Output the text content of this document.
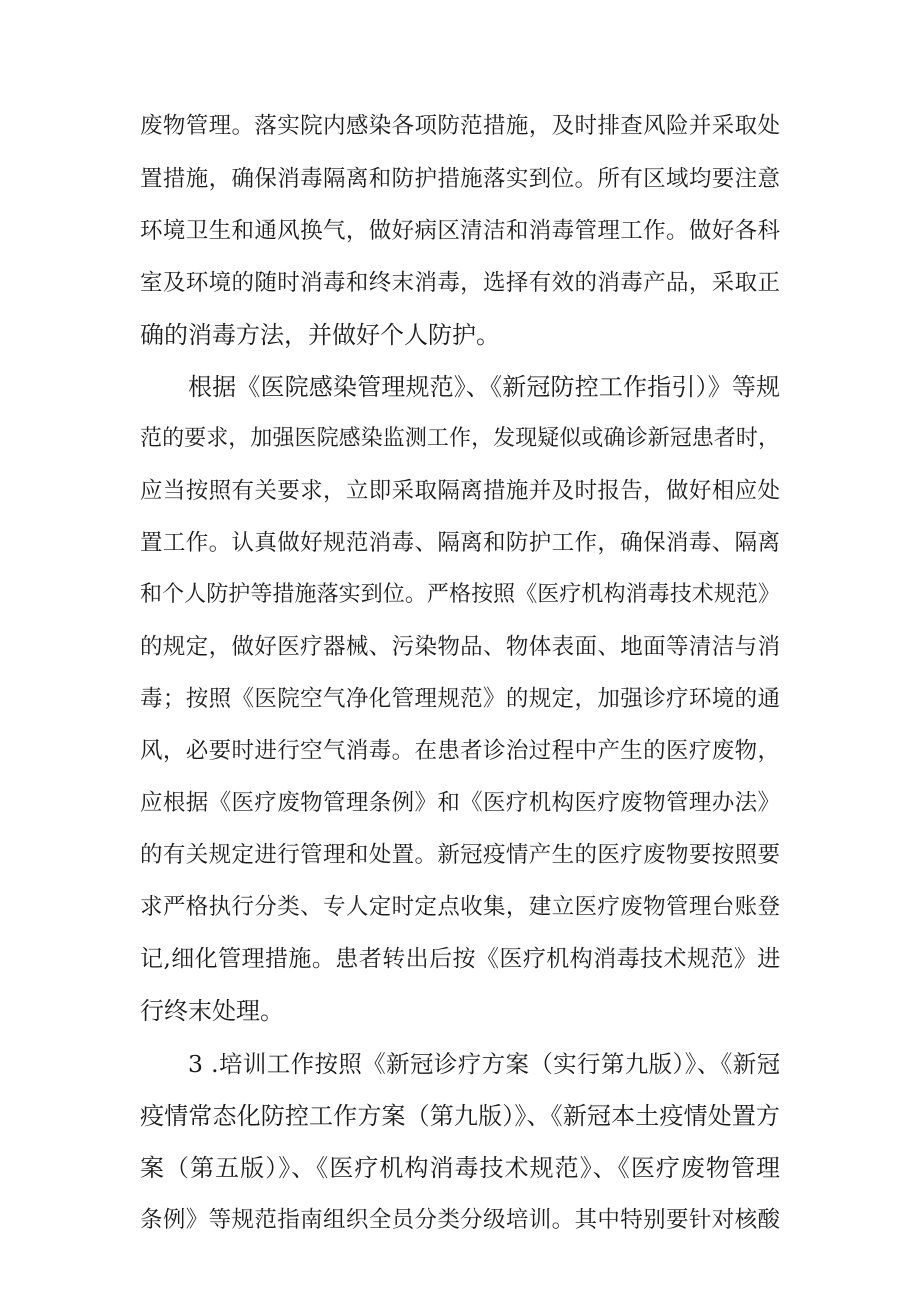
废物管理。落实院内感染各项防范措施，及时排查风险并采取处
置措施，确保消毒隔离和防护措施落实到位。所有区域均要注意
环境卫生和通风换气，做好病区清洁和消毒管理工作。做好各科
室及环境的随时消毒和终末消毒，选择有效的消毒产品，采取正
确的消毒方法，并做好个人防护。
根据《医院感染管理规范》、《新冠防控工作指引）》等规
范的要求，加强医院感染监测工作，发现疑似或确诊新冠患者时，
应当按照有关要求，立即采取隔离措施并及时报告，做好相应处
置工作。认真做好规范消毒、隔离和防护工作，确保消毒、隔离
和个人防护等措施落实到位。严格按照《医疗机构消毒技术规范》
的规定，做好医疗器械、污染物品、物体表面、地面等清洁与消
毒；按照《医院空气净化管理规范》的规定，加强诊疗环境的通
风，必要时进行空气消毒。在患者诊治过程中产生的医疗废物，
应根据《医疗废物管理条例》和《医疗机构医疗废物管理办法》
的有关规定进行管理和处置。新冠疫情产生的医疗废物要按照要
求严格执行分类、专人定时定点收集，建立医疗废物管理台账登
记,细化管理措施。患者转出后按《医疗机构消毒技术规范》进
行终末处理。
3 .培训工作按照《新冠诊疗方案（实行第九版）》、《新冠
疫情常态化防控工作方案（第九版）》、《新冠本土疫情处置方
案（第五版）》、《医疗机构消毒技术规范》、《医疗废物管理
条例》等规范指南组织全员分类分级培训。其中特别要针对核酸
